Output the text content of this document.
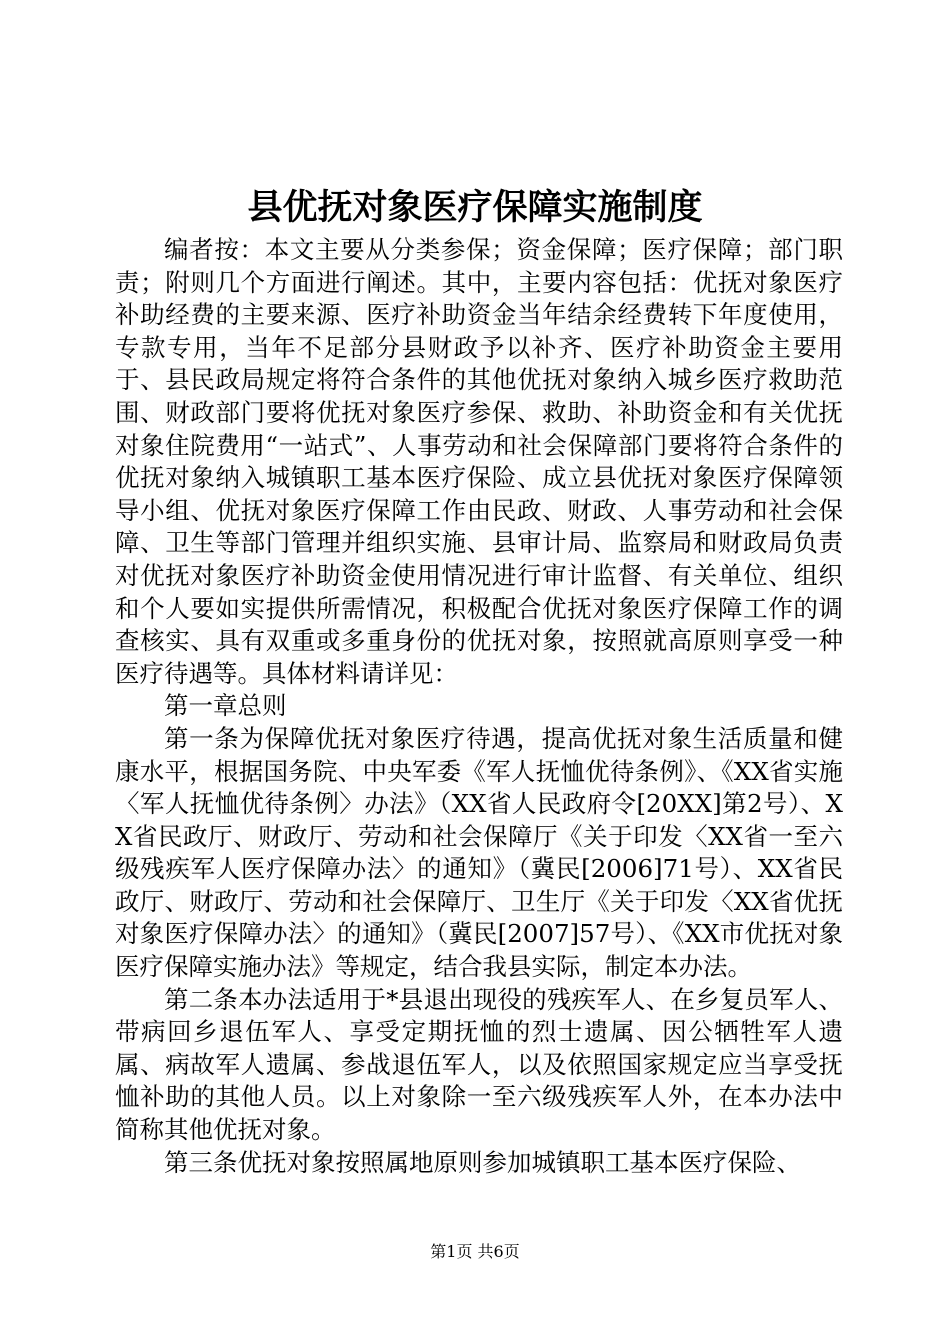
县优抚对象医疗保障实施制度

编者按：本文主要从分类参保；资金保障；医疗保障；部门职责；附则几个方面进行阐述。其中，主要内容包括：优抚对象医疗补助经费的主要来源、医疗补助资金当年结余经费转下年度使用，专款专用，当年不足部分县财政予以补齐、医疗补助资金主要用于、县民政局规定将符合条件的其他优抚对象纳入城乡医疗救助范围、财政部门要将优抚对象医疗参保、救助、补助资金和有关优抚对象住院费用“一站式”、人事劳动和社会保障部门要将符合条件的优抚对象纳入城镇职工基本医疗保险、成立县优抚对象医疗保障领导小组、优抚对象医疗保障工作由民政、财政、人事劳动和社会保障、卫生等部门管理并组织实施、县审计局、监察局和财政局负责对优抚对象医疗补助资金使用情况进行审计监督、有关单位、组织和个人要如实提供所需情况，积极配合优抚对象医疗保障工作的调查核实、具有双重或多重身份的优抚对象，按照就高原则享受一种医疗待遇等。具体材料请详见：

第一章总则

第一条为保障优抚对象医疗待遇，提高优抚对象生活质量和健康水平，根据国务院、中央军委《军人抚恤优待条例》、《XX省实施〈军人抚恤优待条例〉办法》（XX省人民政府令[20XX]第2号）、XX省民政厅、财政厅、劳动和社会保障厅《关于印发〈XX省一至六级残疾军人医疗保障办法〉的通知》（冀民[2006]71号）、XX省民政厅、财政厅、劳动和社会保障厅、卫生厅《关于印发〈XX省优抚对象医疗保障办法〉的通知》（冀民[2007]57号）、《XX市优抚对象医疗保障实施办法》等规定，结合我县实际，制定本办法。

第二条本办法适用于*县退出现役的残疾军人、在乡复员军人、带病回乡退伍军人、享受定期抚恤的烈士遗属、因公牺牲军人遗属、病故军人遗属、参战退伍军人，以及依照国家规定应当享受抚恤补助的其他人员。以上对象除一至六级残疾军人外，在本办法中简称其他优抚对象。

第三条优抚对象按照属地原则参加城镇职工基本医疗保险、

第1页 共6页
